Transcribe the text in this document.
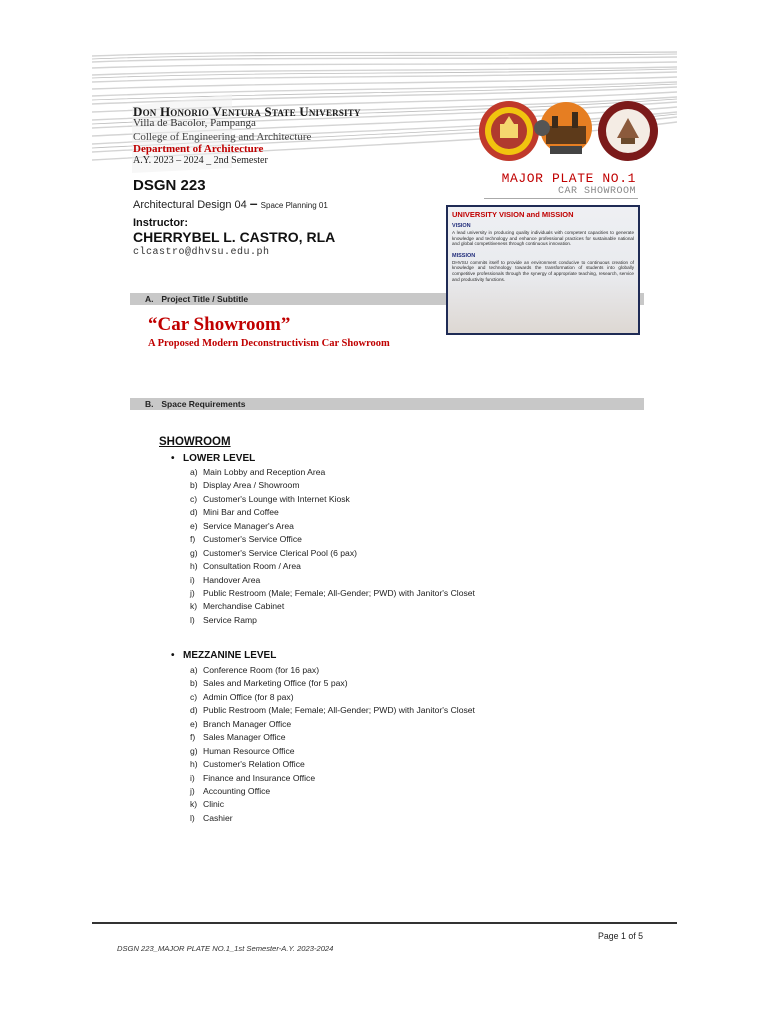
Don Honorio Ventura State University
Villa de Bacolor, Pampanga
College of Engineering and Architecture
Department of Architecture
A.Y. 2023 – 2024 _ 2nd Semester
DSGN 223
Architectural Design 04 – Space Planning 01
Instructor:
CHERRYBEL L. CASTRO, RLA
clcastro@dhvsu.edu.ph
MAJOR PLATE NO.1
CAR SHOWROOM
A. Project Title / Subtitle
UNIVERSITY VISION and MISSION
VISION
A lead university in producing quality individuals with competent capacities to generate knowledge and technology and enhance professional practices for sustainable national and global competitiveness through continuous innovation.
MISSION
DHVSU commits itself to provide an environment conducive to continuous creation of knowledge and technology towards the transformation of students into globally competitive professionals through the synergy of appropriate teaching, research, service and productivity functions.
“Car Showroom”
A Proposed Modern Deconstructivism Car Showroom
B. Space Requirements
SHOWROOM
• LOWER LEVEL
a) Main Lobby and Reception Area
b) Display Area / Showroom
c) Customer's Lounge with Internet Kiosk
d) Mini Bar and Coffee
e) Service Manager's Area
f) Customer's Service Office
g) Customer's Service Clerical Pool (6 pax)
h) Consultation Room / Area
i) Handover Area
j) Public Restroom (Male; Female; All-Gender; PWD) with Janitor's Closet
k) Merchandise Cabinet
l) Service Ramp
• MEZZANINE LEVEL
a) Conference Room (for 16 pax)
b) Sales and Marketing Office (for 5 pax)
c) Admin Office (for 8 pax)
d) Public Restroom (Male; Female; All-Gender; PWD) with Janitor's Closet
e) Branch Manager Office
f) Sales Manager Office
g) Human Resource Office
h) Customer's Relation Office
i) Finance and Insurance Office
j) Accounting Office
k) Clinic
l) Cashier
Page 1 of 5
DSGN 223_MAJOR PLATE NO.1_1st Semester-A.Y. 2023-2024
